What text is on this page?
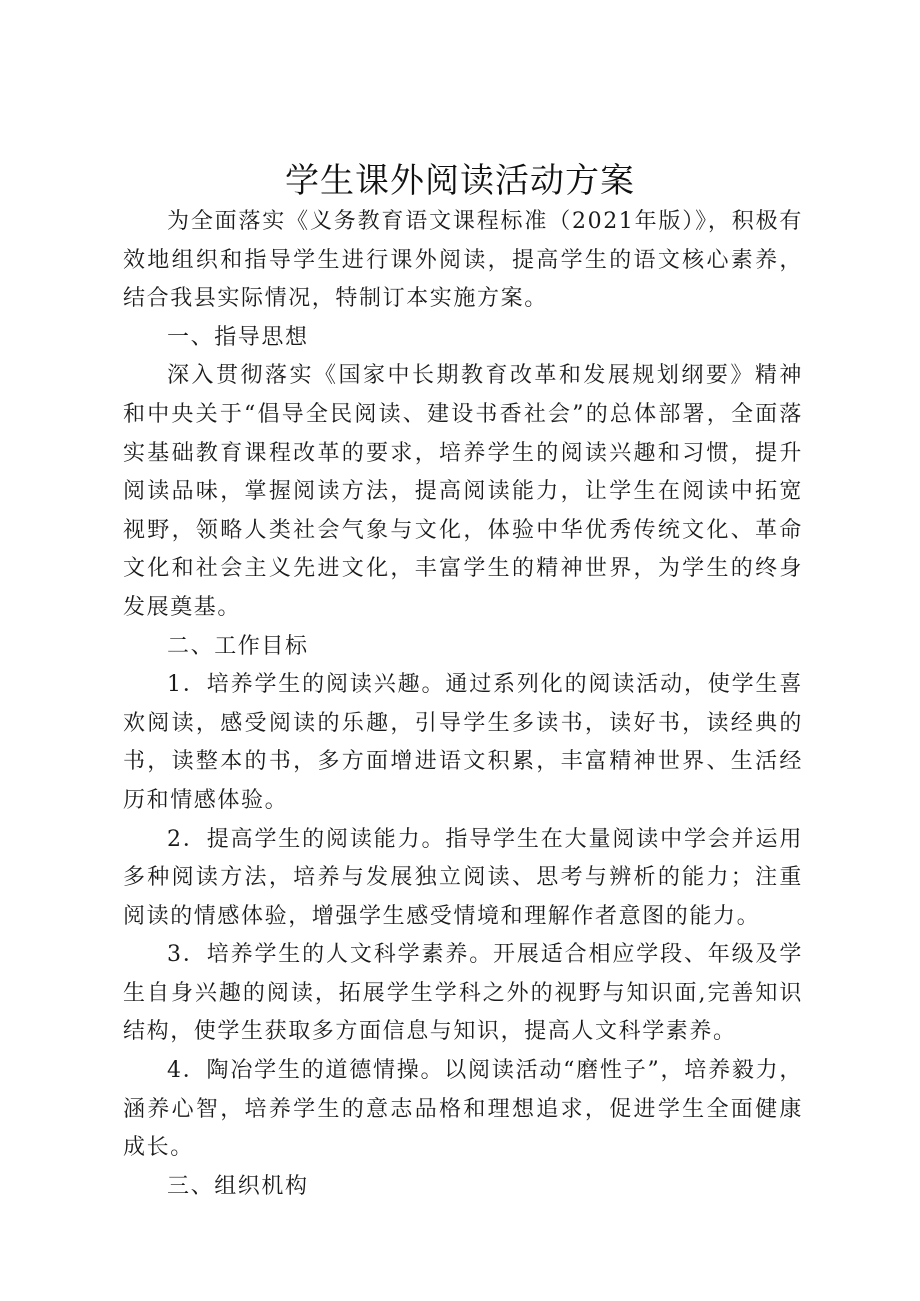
学生课外阅读活动方案

为全面落实《义务教育语文课程标准（2021年版）》，积极有效地组织和指导学生进行课外阅读，提高学生的语文核心素养，结合我县实际情况，特制订本实施方案。

一、指导思想

深入贯彻落实《国家中长期教育改革和发展规划纲要》精神和中央关于“倡导全民阅读、建设书香社会”的总体部署，全面落实基础教育课程改革的要求，培养学生的阅读兴趣和习惯，提升阅读品味，掌握阅读方法，提高阅读能力，让学生在阅读中拓宽视野，领略人类社会气象与文化，体验中华优秀传统文化、革命文化和社会主义先进文化，丰富学生的精神世界，为学生的终身发展奠基。

二、工作目标

1．培养学生的阅读兴趣。通过系列化的阅读活动，使学生喜欢阅读，感受阅读的乐趣，引导学生多读书，读好书，读经典的书，读整本的书，多方面增进语文积累，丰富精神世界、生活经历和情感体验。

2．提高学生的阅读能力。指导学生在大量阅读中学会并运用多种阅读方法，培养与发展独立阅读、思考与辨析的能力；注重阅读的情感体验，增强学生感受情境和理解作者意图的能力。

3．培养学生的人文科学素养。开展适合相应学段、年级及学生自身兴趣的阅读，拓展学生学科之外的视野与知识面,完善知识结构，使学生获取多方面信息与知识，提高人文科学素养。

4．陶冶学生的道德情操。以阅读活动“磨性子”，培养毅力，涵养心智，培养学生的意志品格和理想追求，促进学生全面健康成长。

三、组织机构
